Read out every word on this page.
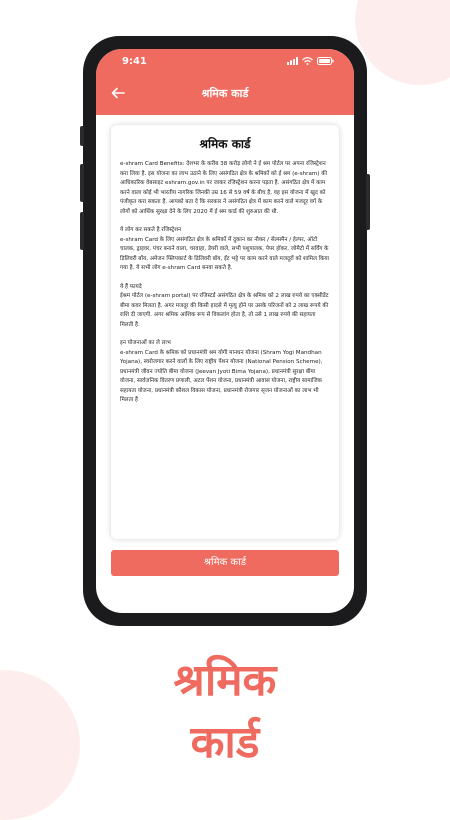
9:41
श्रमिक कार्ड
श्रमिक कार्ड

e-shram Card Benefits: देशभर के करीब 38 करोड़ लोगो ने ई श्रम पोर्टल पर अपना रजिस्ट्रेशन करा लिया है. इस योजना का लाभ उठाने के लिए असंगठित क्षेत्र के श्रमिकों को ई श्रम (e-shram) की आधिकारिक वेबसाइट eshram.gov.in पर जाकर रजिस्ट्रेशन करना पड़ता है. असंगठित क्षेत्र में काम करने वाला कोई भी भारतीय नागरिक जिनकी उम्र 16 से 59 वर्ष के बीच है, वह इस योजना में खुद को पंजीकृत करा सकता है. आपको बता दे कि सरकार ने असंगठित क्षेत्र में काम करने वाले मजदूर वर्ग के लोगों को आर्थिक सुरक्षा देने के लिए 2020 में ई श्रम कार्ड की शुरुआत की थी.

ये लोग कर सकते है रजिस्ट्रेशन

e-shram Card के लिए असंगठित क्षेत्र के श्रमिकों में दुकान का नौकर / सेल्समैन / हेल्पर, ऑटो चालक, ड्राइवर, पंचर बनाने वाला, चरवाहा, डेयरी वाले, सभी पशुपालक, पेपर हॉकर, जोमैटो में सर्विंग के डिलिवरी बॉय, अमेजन फ्लिपकार्ट के डिलिवरी बॉय, ईंट भट्टे पर काम करने वाले मजदूरों को शामिल किया गया है. ये सभी लोग e-shram Card बनवा सकते है.

ये हैं फायदे

ईश्रम पोर्टल (e-shram portal) पर रजिस्टर्ड असंगठित क्षेत्र के श्रमिक को 2 लाख रुपये का एक्सीडेंट बीमा कवर मिलता है. अगर मजदूर की किसी हादसे में मृत्यु होने पर उसके परिजनों को 2 लाख रूपये की राशि दी जाएगी. अगर श्रमिक आंशिक रूप से विकलांग होता है, तो उसे 1 लाख रुपये की सहायता मिलती है.

इन योजनाओं का ले लाभ

e-shram Card के श्रमिक को प्रधानमंत्री श्रम योगी मानधन योजना (Shram Yogi Mandhan Yojana), स्वरोजगार करने वालों के लिए राष्ट्रीय पेंशन योजना (National Pension Scheme), प्रधानमंत्री जीवन ज्योति बीमा योजना (Jeevan Jyoti Bima Yojana), प्रधानमंत्री सुरक्षा बीमा योजना, सार्वजनिक वितरण प्रणाली, अटल पेंशन योजना, प्रधानमंत्री आवास योजना, राष्ट्रीय सामाजिक सहायता योजना, प्रधानमंत्री कौशल विकास योजना, प्रधानमंत्री रोजगार सृजन योजनाओं का लाभ भी मिलता है

श्रमिक कार्ड
श्रमिक
कार्ड
